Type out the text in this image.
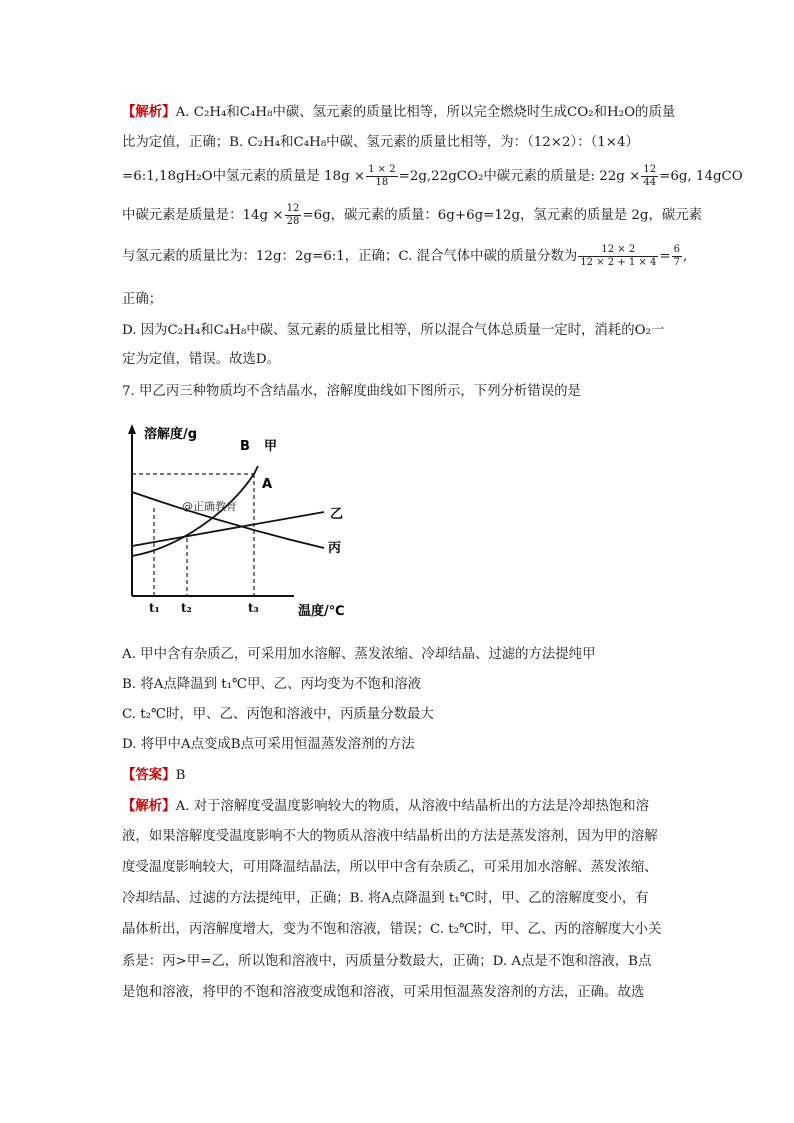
【解析】A. C₂H₄和C₄H₈中碳、氢元素的质量比相等，所以完全燃烧时生成CO₂和H₂O的质量
比为定值，正确；B. C₂H₄和C₄H₈中碳、氢元素的质量比相等，为：（12×2）：（1×4）
=6:1,18gH₂O中氢元素的质量是 $18g \times \frac{1 \times 2}{18} =2g,22gCO_2$中碳元素的质量是: $22g \times \frac{12}{44} =6g$, 14gCO
中碳元素是质量是：$14g \times \frac{12}{28} =6g$，碳元素的质量：6g+6g=12g，氢元素的质量是 2g，碳元素
与氢元素的质量比为：12g：2g=6:1，正确；C. 混合气体中碳的质量分数为 $\frac{12 \times 2}{12 \times 2 + 1 \times 4} = \frac{6}{7}$ ,
正确；
D. 因为C₂H₄和C₄H₈中碳、氢元素的质量比相等，所以混合气体总质量一定时，消耗的O₂一
定为定值，错误。故选D。
7. 甲乙丙三种物质均不含结晶水，溶解度曲线如下图所示，下列分析错误的是
溶解度/g
温度/℃
B 甲
A
乙
丙
@正确教育
t₁ t₂	t₃
A. 甲中含有杂质乙，可采用加水溶解、蒸发浓缩、冷却结晶、过滤的方法提纯甲
B. 将A点降温到 t₁℃甲、乙、丙均变为不饱和溶液
C. t₂℃时，甲、乙、丙饱和溶液中，丙质量分数最大
D. 将甲中A点变成B点可采用恒温蒸发溶剂的方法
【答案】B
【解析】A. 对于溶解度受温度影响较大的物质，从溶液中结晶析出的方法是冷却热饱和溶
液，如果溶解度受温度影响不大的物质从溶液中结晶析出的方法是蒸发溶剂，因为甲的溶解
度受温度影响较大，可用降温结晶法，所以甲中含有杂质乙，可采用加水溶解、蒸发浓缩、
冷却结晶、过滤的方法提纯甲，正确；B. 将A点降温到 t₁℃时，甲、乙的溶解度变小，有
晶体析出，丙溶解度增大，变为不饱和溶液，错误；C. t₂℃时，甲、乙、丙的溶解度大小关
系是：丙>甲=乙，所以饱和溶液中，丙质量分数最大，正确；D. A点是不饱和溶液，B点
是饱和溶液，将甲的不饱和溶液变成饱和溶液，可采用恒温蒸发溶剂的方法，正确。故选
